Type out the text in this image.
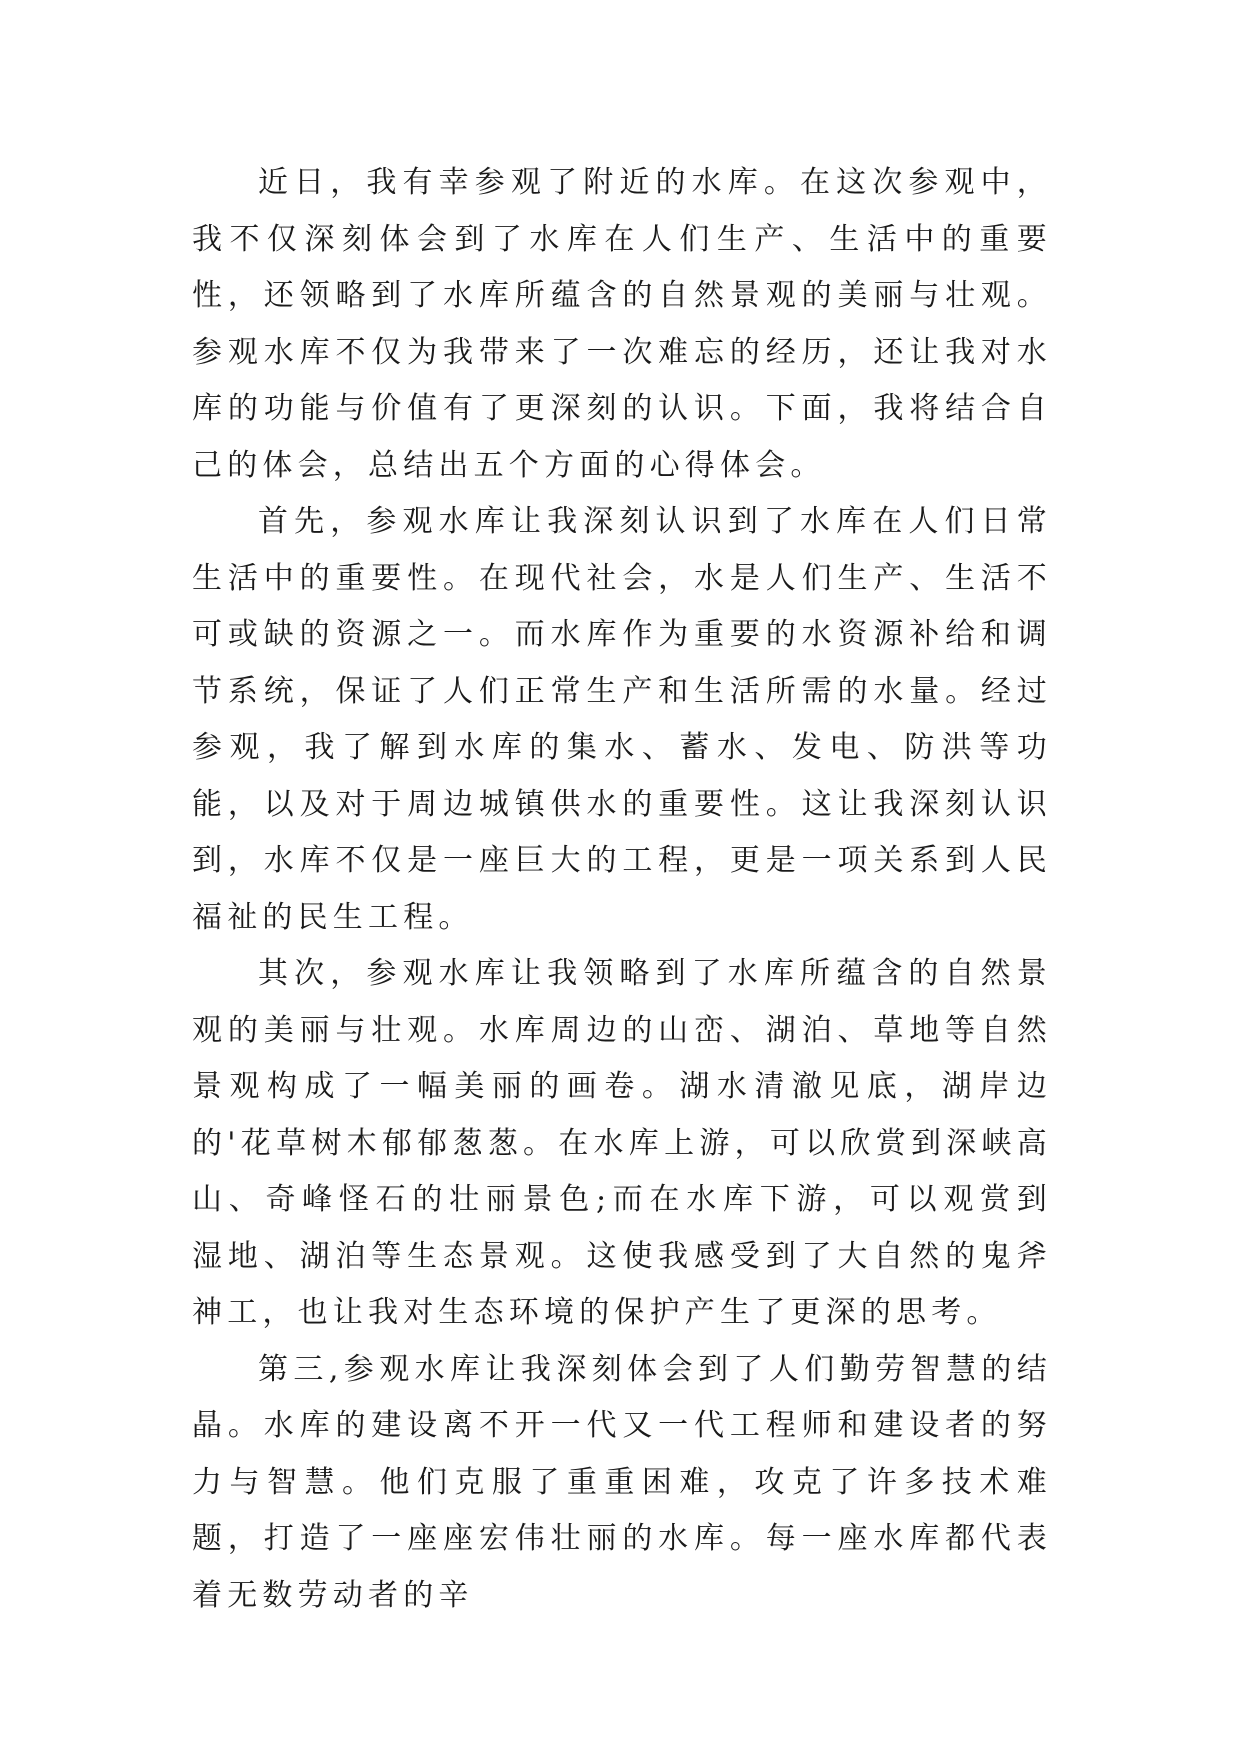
近日，我有幸参观了附近的水库。在这次参观中，我不仅深刻体会到了水库在人们生产、生活中的重要性，还领略到了水库所蕴含的自然景观的美丽与壮观。参观水库不仅为我带来了一次难忘的经历，还让我对水库的功能与价值有了更深刻的认识。下面，我将结合自己的体会，总结出五个方面的心得体会。

首先，参观水库让我深刻认识到了水库在人们日常生活中的重要性。在现代社会，水是人们生产、生活不可或缺的资源之一。而水库作为重要的水资源补给和调节系统，保证了人们正常生产和生活所需的水量。经过参观，我了解到水库的集水、蓄水、发电、防洪等功能，以及对于周边城镇供水的重要性。这让我深刻认识到，水库不仅是一座巨大的工程，更是一项关系到人民福祉的民生工程。

其次，参观水库让我领略到了水库所蕴含的自然景观的美丽与壮观。水库周边的山峦、湖泊、草地等自然景观构成了一幅美丽的画卷。湖水清澈见底，湖岸边的'花草树木郁郁葱葱。在水库上游，可以欣赏到深峡高山、奇峰怪石的壮丽景色;而在水库下游，可以观赏到湿地、湖泊等生态景观。这使我感受到了大自然的鬼斧神工，也让我对生态环境的保护产生了更深的思考。

第三,参观水库让我深刻体会到了人们勤劳智慧的结晶。水库的建设离不开一代又一代工程师和建设者的努力与智慧。他们克服了重重困难，攻克了许多技术难题，打造了一座座宏伟壮丽的水库。每一座水库都代表着无数劳动者的辛
